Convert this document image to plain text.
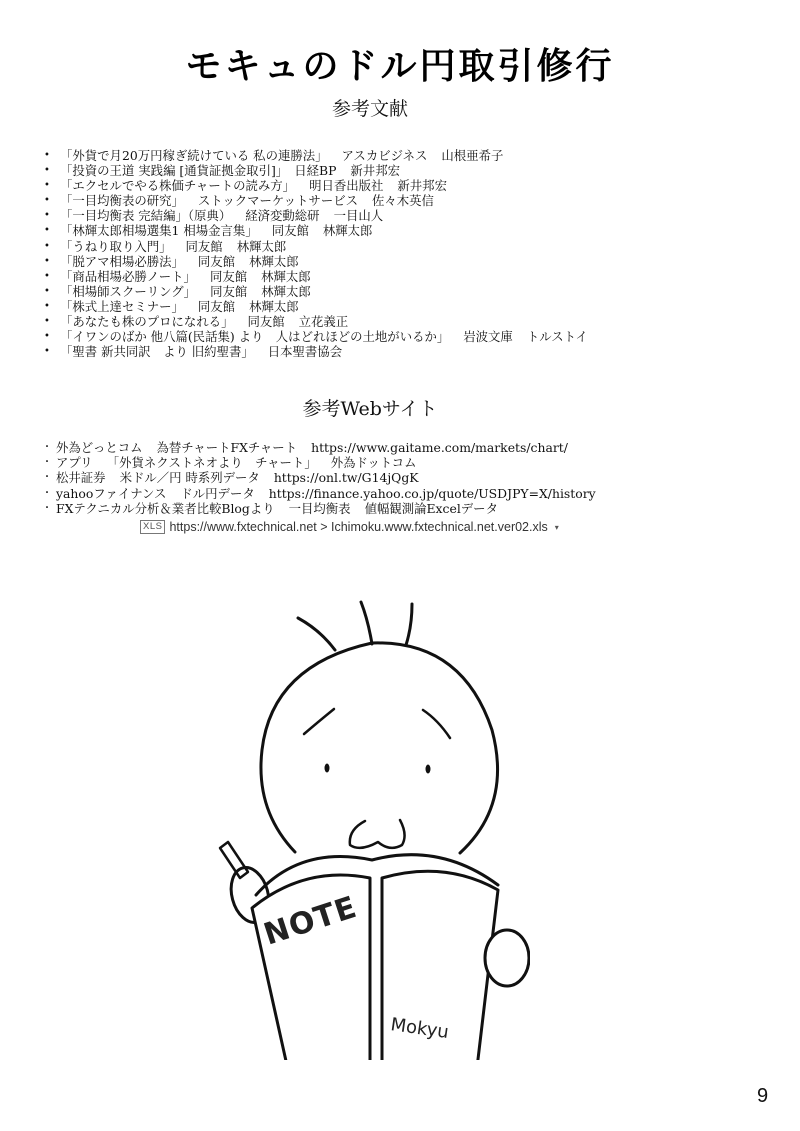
モキュのドル円取引修行
参考文献
• 「外貨で月20万円稼ぎ続けている 私の連勝法」 アスカビジネス 山根亜希子
• 「投資の王道 実践編 [通貨証拠金取引]」 日経BP 新井邦宏
• 「エクセルでやる株価チャートの読み方」 明日香出版社 新井邦宏
• 「一目均衡表の研究」 ストックマーケットサービス 佐々木英信
• 「一目均衡表 完結編」（原典） 経済変動総研 一目山人
• 「林輝太郎相場選集1 相場金言集」 同友館 林輝太郎
• 「うねり取り入門」 同友館 林輝太郎
• 「脱アマ相場必勝法」 同友館 林輝太郎
• 「商品相場必勝ノート」 同友館 林輝太郎
• 「相場師スクーリング」 同友館 林輝太郎
• 「株式上達セミナー」 同友館 林輝太郎
• 「あなたも株のプロになれる」 同友館 立花義正
• 「イワンのばか 他八篇(民話集) より　人はどれほどの土地がいるか」 岩波文庫 トルストイ
• 「聖書 新共同訳　より 旧約聖書」 日本聖書協会
参考Webサイト
・ 外為どっとコム 為替チャートFXチャート https://www.gaitame.com/markets/chart/
・ アプリ 「外貨ネクストネオより　チャート」 外為ドットコム
・ 松井証券 米ドル／円 時系列データ https://onl.tw/G14jQgK
・ yahooファイナンス ドル円データ https://finance.yahoo.co.jp/quote/USDJPY=X/history
・ FXテクニカル分析＆業者比較Blogより 一目均衡表 値幅観測論Excelデータ
XLS https://www.fxtechnical.net > Ichimoku.www.fxtechnical.net.ver02.xls ▾
NOTE
Mokyu
9
